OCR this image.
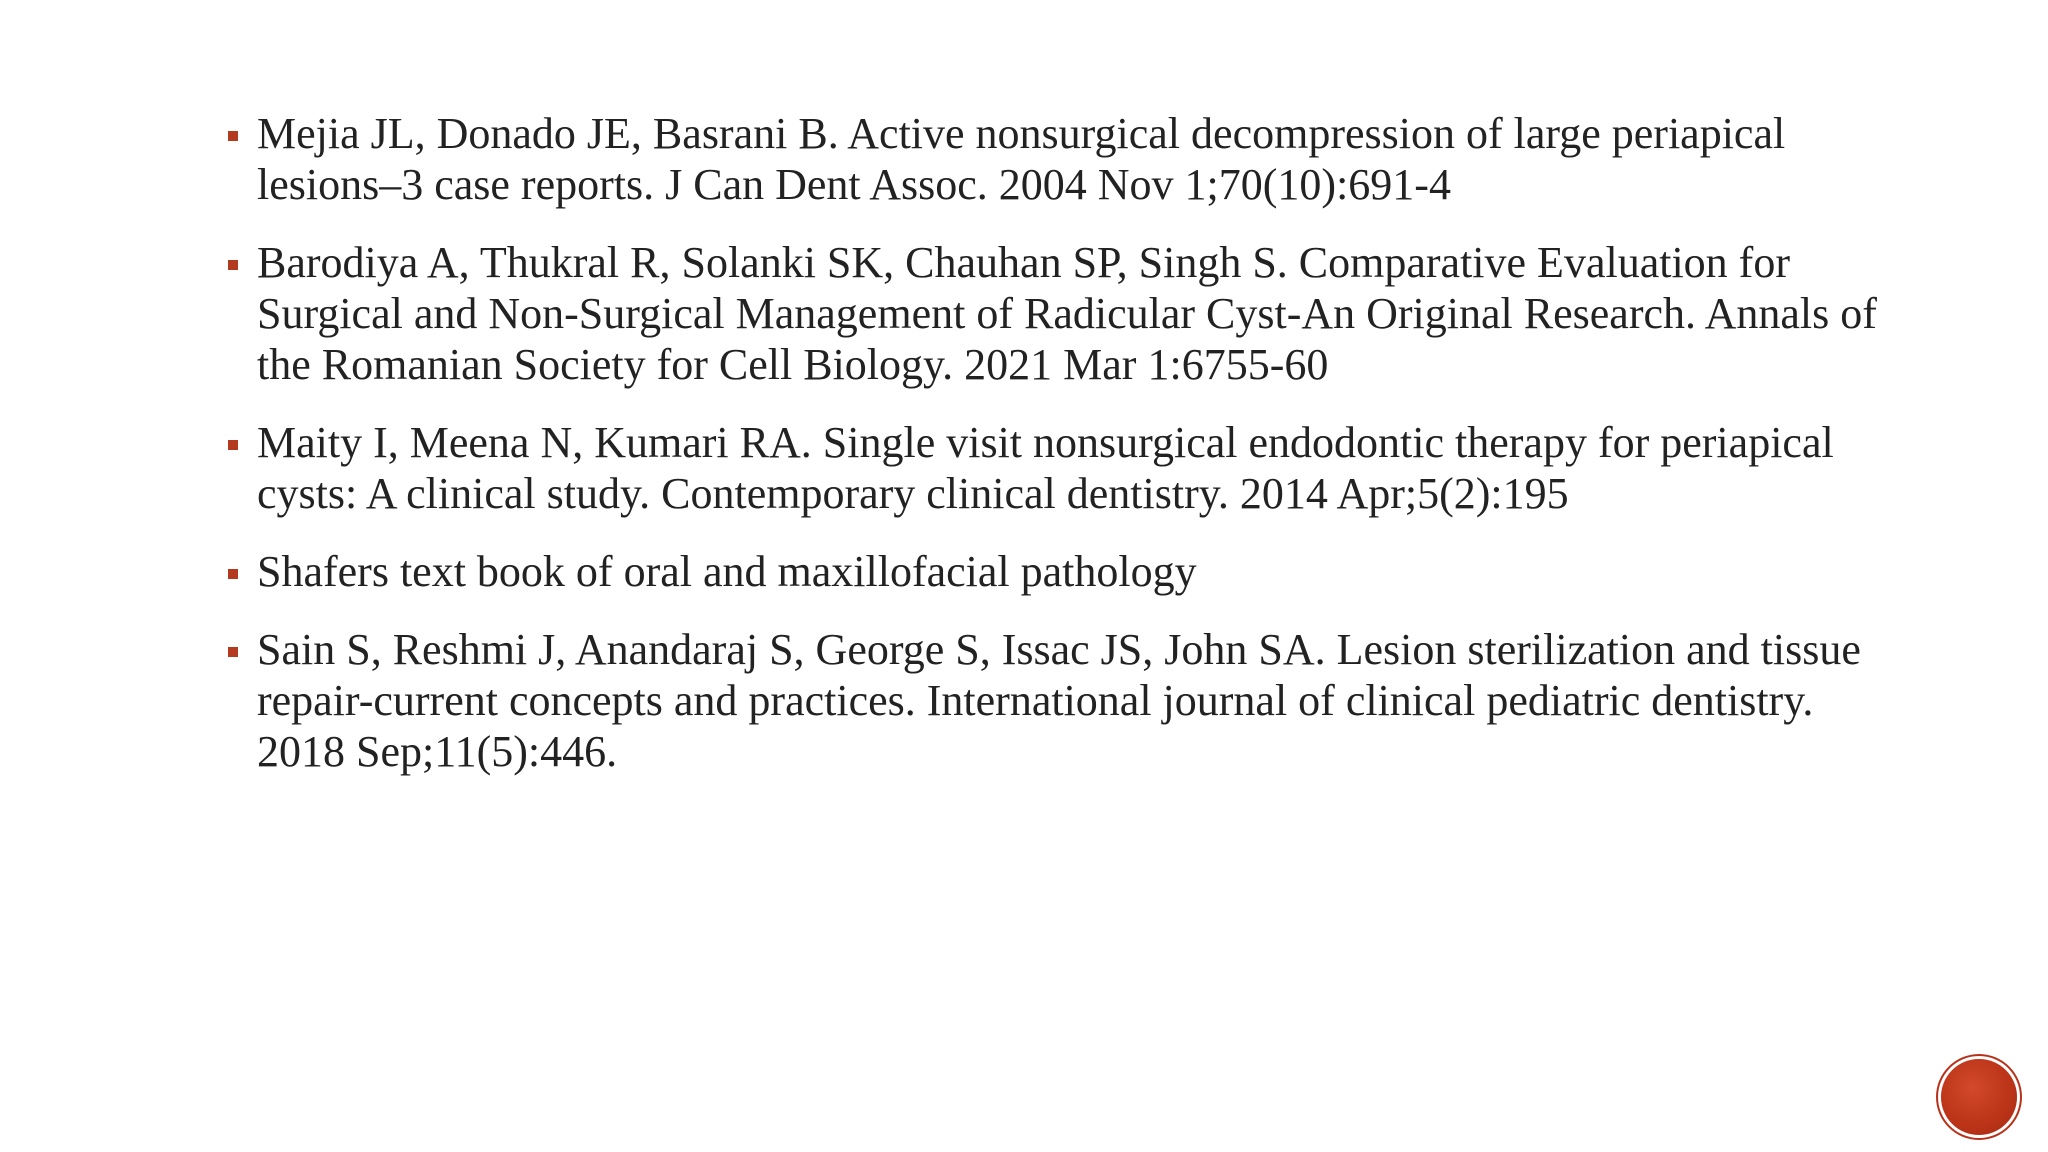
Mejia JL, Donado JE, Basrani B. Active nonsurgical decompression of large periapical lesions–3 case reports. J Can Dent Assoc. 2004 Nov 1;70(10):691-4
Barodiya A, Thukral R, Solanki SK, Chauhan SP, Singh S. Comparative Evaluation for Surgical and Non-Surgical Management of Radicular Cyst-An Original Research. Annals of the Romanian Society for Cell Biology. 2021 Mar 1:6755-60
Maity I, Meena N, Kumari RA. Single visit nonsurgical endodontic therapy for periapical cysts: A clinical study. Contemporary clinical dentistry. 2014 Apr;5(2):195
Shafers text book of oral and maxillofacial pathology
Sain S, Reshmi J, Anandaraj S, George S, Issac JS, John SA. Lesion sterilization and tissue repair-current concepts and practices. International journal of clinical pediatric dentistry. 2018 Sep;11(5):446.
